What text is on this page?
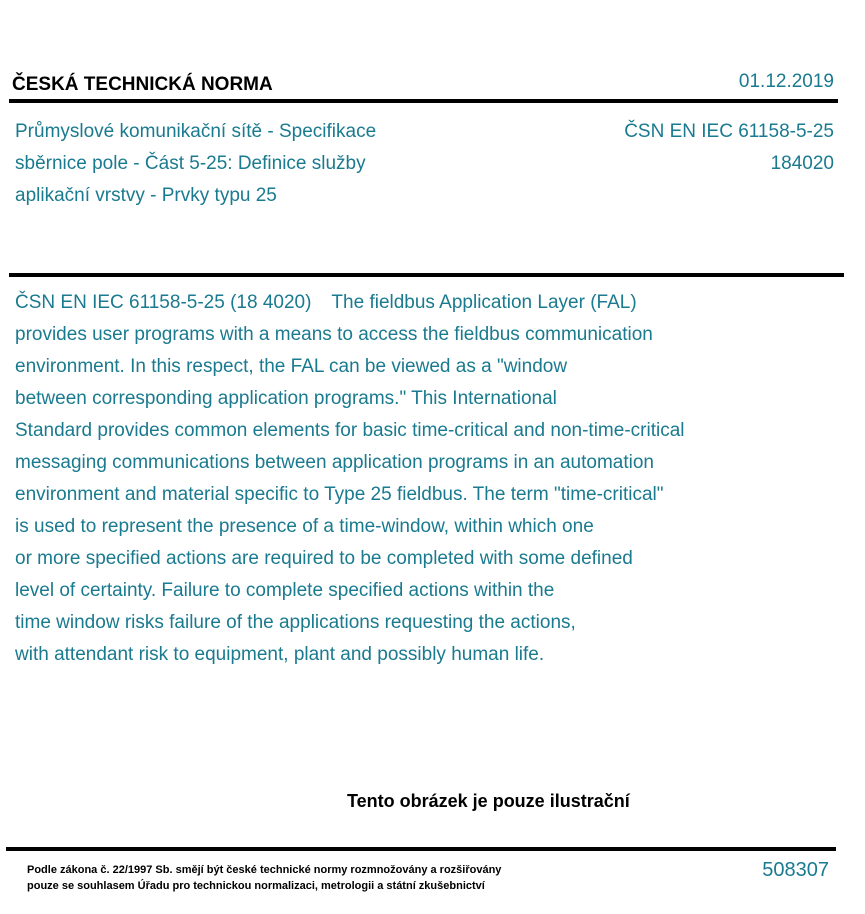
ČESKÁ TECHNICKÁ NORMA	01.12.2019
Průmyslové komunikační sítě - Specifikace
sběrnice pole - Část 5-25: Definice služby
aplikační vrstvy - Prvky typu 25
ČSN EN IEC 61158-5-25
184020
ČSN EN IEC 61158-5-25 (18 4020) The fieldbus Application Layer (FAL)
provides user programs with a means to access the fieldbus communication
environment. In this respect, the FAL can be viewed as a "window
between corresponding application programs." This International
Standard provides common elements for basic time-critical and non-time-critical
messaging communications between application programs in an automation
environment and material specific to Type 25 fieldbus. The term "time-critical"
is used to represent the presence of a time-window, within which one
or more specified actions are required to be completed with some defined
level of certainty. Failure to complete specified actions within the
time window risks failure of the applications requesting the actions,
with attendant risk to equipment, plant and possibly human life.
Tento obrázek je pouze ilustrační
Podle zákona č. 22/1997 Sb. smějí být české technické normy rozmnožovány a rozšiřovány
pouze se souhlasem Úřadu pro technickou normalizaci, metrologii a státní zkušebnictví
508307
